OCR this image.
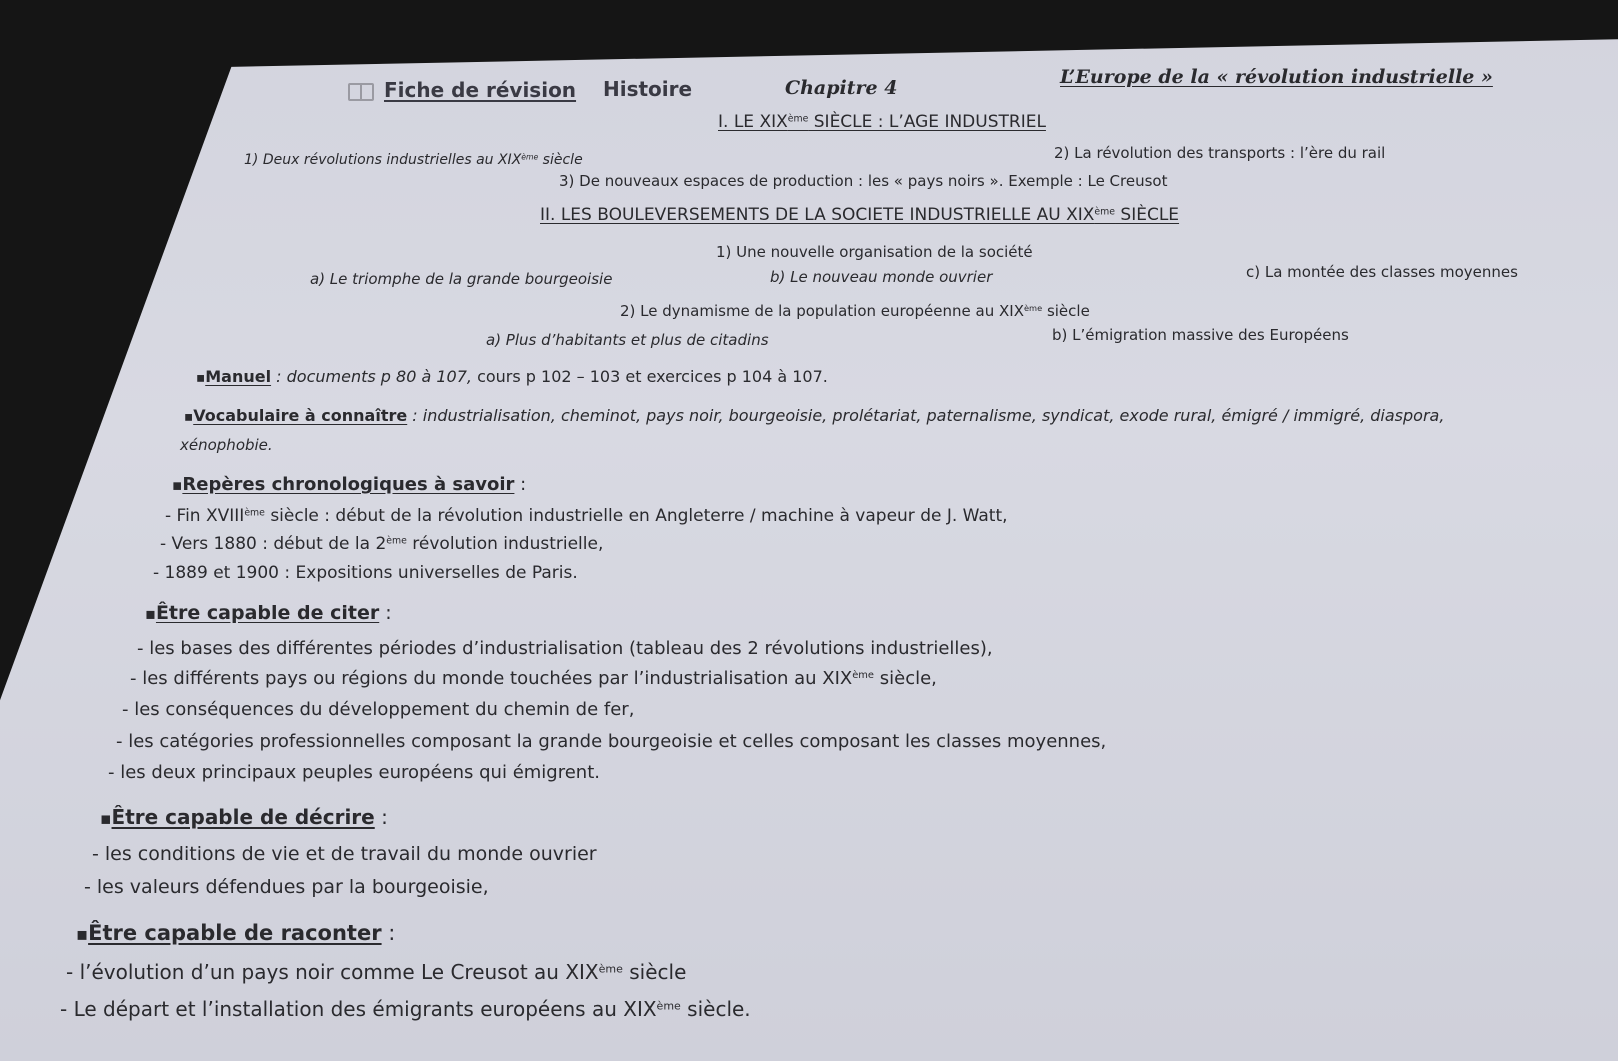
Fiche de révision Histoire	Chapitre 4	L’Europe de la « révolution industrielle »
I. LE XIXème SIÈCLE : L’AGE INDUSTRIEL
1) Deux révolutions industrielles au XIXème siècle	2) La révolution des transports : l’ère du rail
3) De nouveaux espaces de production : les « pays noirs ». Exemple : Le Creusot
II. LES BOULEVERSEMENTS DE LA SOCIETE INDUSTRIELLE AU XIXème SIÈCLE
1) Une nouvelle organisation de la société
a) Le triomphe de la grande bourgeoisie	b) Le nouveau monde ouvrier	c) La montée des classes moyennes
2) Le dynamisme de la population européenne au XIXème siècle
a) Plus d’habitants et plus de citadins	b) L’émigration massive des Européens
▪Manuel : documents p 80 à 107, cours p 102 – 103 et exercices p 104 à 107.
▪Vocabulaire à connaître : industrialisation, cheminot, pays noir, bourgeoisie, prolétariat, paternalisme, syndicat, exode rural, émigré / immigré, diaspora,
xénophobie.
▪Repères chronologiques à savoir :
- Fin XVIIIème siècle : début de la révolution industrielle en Angleterre / machine à vapeur de J. Watt,
- Vers 1880 : début de la 2ème révolution industrielle,
- 1889 et 1900 : Expositions universelles de Paris.
▪Être capable de citer :
- les bases des différentes périodes d’industrialisation (tableau des 2 révolutions industrielles),
- les différents pays ou régions du monde touchées par l’industrialisation au XIXème siècle,
- les conséquences du développement du chemin de fer,
- les catégories professionnelles composant la grande bourgeoisie et celles composant les classes moyennes,
- les deux principaux peuples européens qui émigrent.
▪Être capable de décrire :
- les conditions de vie et de travail du monde ouvrier
- les valeurs défendues par la bourgeoisie,
▪Être capable de raconter :
- l’évolution d’un pays noir comme Le Creusot au XIXème siècle
- Le départ et l’installation des émigrants européens au XIXème siècle.
